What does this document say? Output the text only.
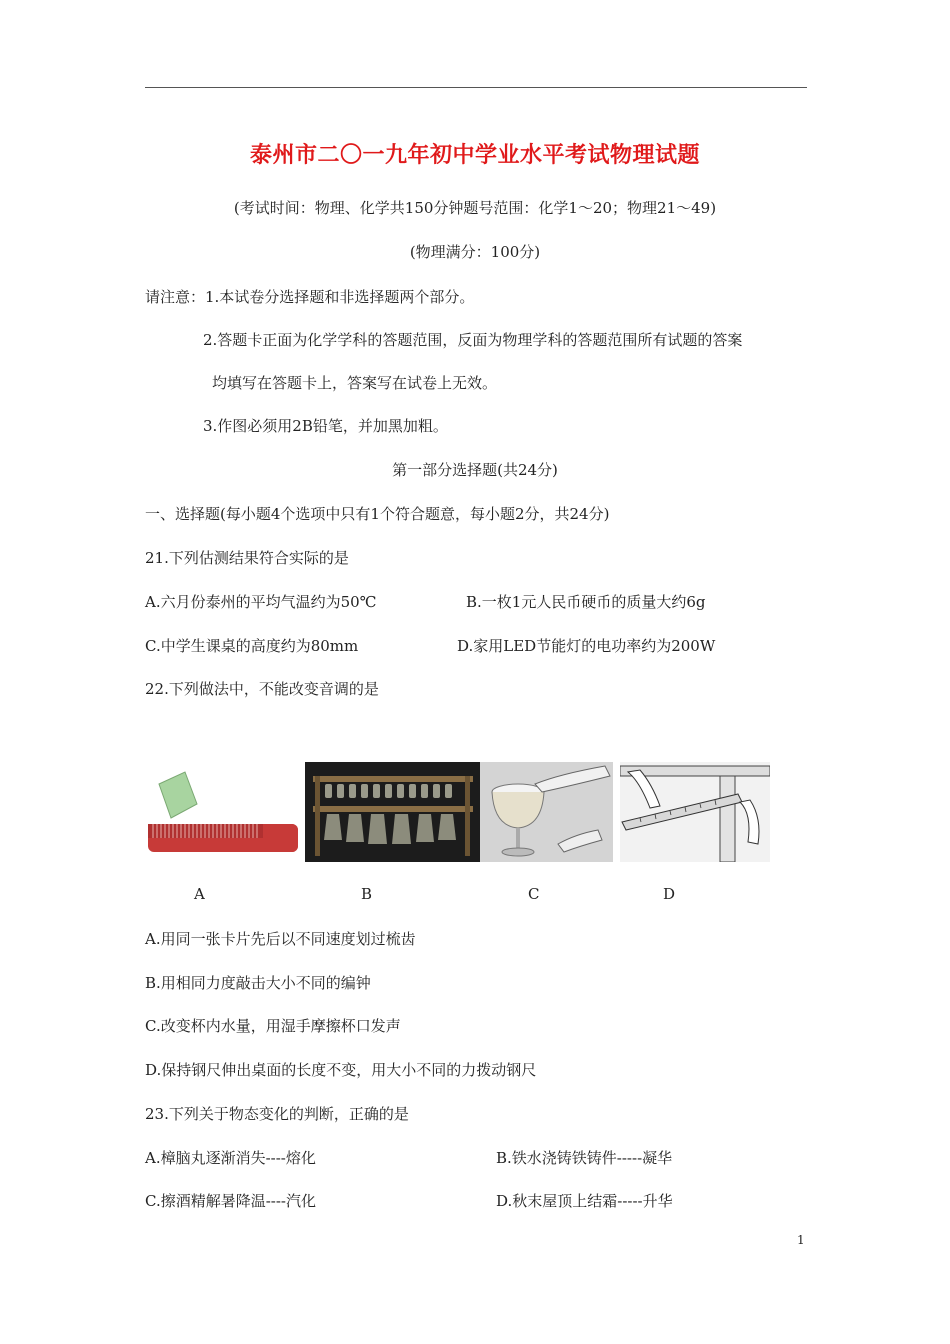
泰州市二〇一九年初中学业水平考试物理试题
(考试时间：物理、化学共150分钟题号范围：化学1～20；物理21～49)
(物理满分：100分)
请注意：1.本试卷分选择题和非选择题两个部分。
2.答题卡正面为化学学科的答题范围，反面为物理学科的答题范围所有试题的答案
均填写在答题卡上，答案写在试卷上无效。
3.作图必须用2B铅笔，并加黑加粗。
第一部分选择题(共24分)
一、选择题(每小题4个选项中只有1个符合题意，每小题2分，共24分)
21.下列估测结果符合实际的是
A.六月份泰州的平均气温约为50℃	B.一枚1元人民币硬币的质量大约6g
C.中学生课桌的高度约为80mm	D.家用LED节能灯的电功率约为200W
22.下列做法中，不能改变音调的是
A	B	C	D
A.用同一张卡片先后以不同速度划过梳齿
B.用相同力度敲击大小不同的编钟
C.改变杯内水量，用湿手摩擦杯口发声
D.保持钢尺伸出桌面的长度不变，用大小不同的力拨动钢尺
23.下列关于物态变化的判断，正确的是
A.樟脑丸逐渐消失----熔化	B.铁水浇铸铁铸件-----凝华
C.擦酒精解暑降温----汽化	D.秋末屋顶上结霜-----升华
1
